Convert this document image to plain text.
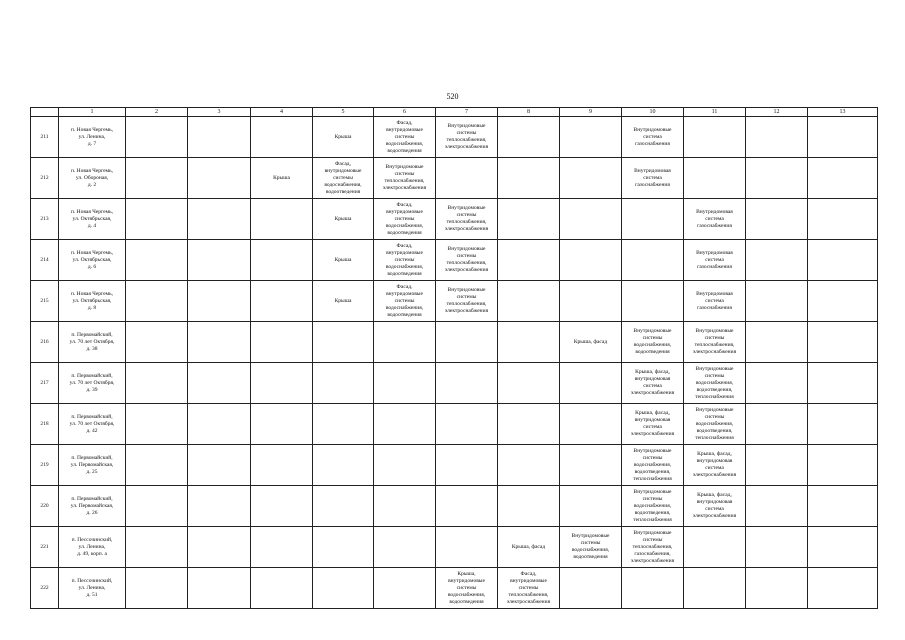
520
	1	2	3	4	5	6	7	8	9	10	11	12	13
211	п. Новая Чергемь,
ул. Ленина,
д. 7				Крыша	Фасад,
внутридомовые
системы
водоснабжения,
водоотведения	Внутридомовые
системы
теплоснабжения,
электроснабжения			Внутридомовые
система
газоснабжения			
212	п. Новая Чергемь,
ул. Обороная,
д. 2			Крыша	Фасад,
внутридомовые
системы
водоснабжения,
водоотведения	Внутридомовые
системы
теплоснабжения,
электроснабжения				Внутридомовая
система
газоснабжения			
213	п. Новая Чергемь,
ул. Октябрьская,
д. 4				Крыша	Фасад,
внутридомовые
системы
водоснабжения,
водоотведения	Внутридомовые
системы
теплоснабжения,
электроснабжения				Внутридомовая
система
газоснабжения		
214	п. Новая Чергемь,
ул. Октябрьская,
д. 6				Крыша	Фасад,
внутридомовые
системы
водоснабжения,
водоотведения	Внутридомовые
системы
теплоснабжения,
электроснабжения				Внутридомовая
система
газоснабжения		
215	п. Новая Чергемь,
ул. Октябрьская,
д. 8				Крыша	Фасад,
внутридомовые
системы
водоснабжения,
водоотведения	Внутридомовые
системы
теплоснабжения,
электроснабжения				Внутридомовая
система
газоснабжения		
216	п. Первомайский,
ул. 70 лет Октября,
д. 38								Крыша, фасад	Внутридомовые
системы
водоснабжения,
водоотведения	Внутридомовые
системы
теплоснабжения,
электроснабжения		
217	п. Первомайский,
ул. 70 лет Октября,
д. 39									Крыша, фасад,
внутридомовая
система
электроснабжения	Внутридомовые
системы
водоснабжения,
водоотведения,
теплоснабжения		
218	п. Первомайский,
ул. 70 лет Октября,
д. 42									Крыша, фасад,
внутридомовая
система
электроснабжения	Внутридомовые
системы
водоснабжения,
водоотведения,
теплоснабжения		
219	п. Первомайский,
ул. Первомайская,
д. 25									Внутридомовые
системы
водоснабжения,
водоотведения,
теплоснабжения	Крыша, фасад,
внутридомовая
система
электроснабжения		
220	п. Первомайский,
ул. Первомайская,
д. 26									Внутридомовые
системы
водоснабжения,
водоотведения,
теплоснабжения	Крыша, фасад,
внутридомовая
система
электроснабжения		
221	п. Пессочинский,
ул. Ленина,
д. 49, корп. а							Крыша, фасад	Внутридомовые
системы
водоснабжения,
водоотведения	Внутридомовые
системы
теплоснабжения,
газоснабжения,
электроснабжения			
222	п. Пессочинский,
ул. Ленина,
д. 51						Крыша,
внутридомовые
системы
водоснабжения,
водоотведения	Фасад,
внутридомовые
системы
теплоснабжения,
электроснабжения					
